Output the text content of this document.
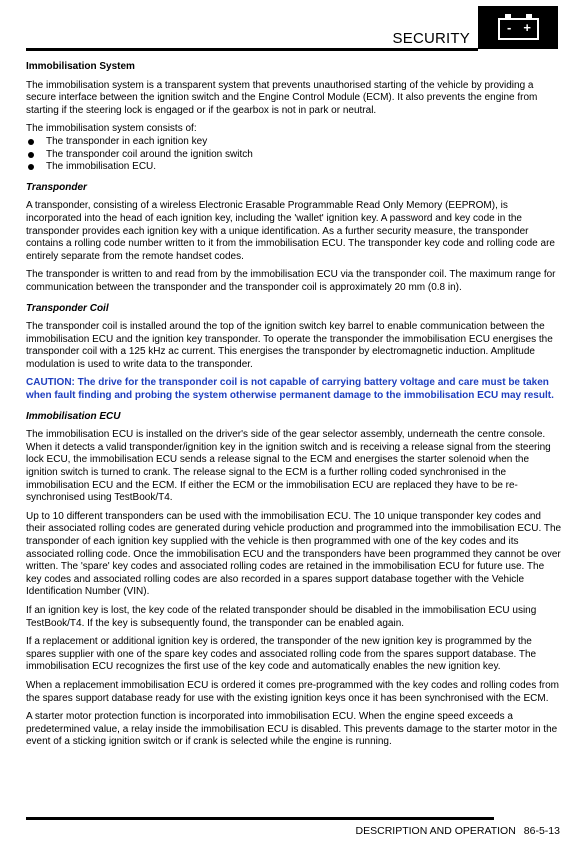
SECURITY
- +

Immobilisation System

The immobilisation system is a transparent system that prevents unauthorised starting of the vehicle by providing a secure interface between the ignition switch and the Engine Control Module (ECM). It also prevents the engine from starting if the steering lock is engaged or if the gearbox is not in park or neutral.

The immobilisation system consists of:

The transponder in each ignition key
The transponder coil around the ignition switch
The immobilisation ECU.

Transponder

A transponder, consisting of a wireless Electronic Erasable Programmable Read Only Memory (EEPROM), is incorporated into the head of each ignition key, including the 'wallet' ignition key. A password and key code in the transponder provides each ignition key with a unique identification. As a further security measure, the transponder contains a rolling code number written to it from the immobilisation ECU. The transponder key code and rolling code are entirely separate from the remote handset codes.

The transponder is written to and read from by the immobilisation ECU via the transponder coil. The maximum range for communication between the transponder and the transponder coil is approximately 20 mm (0.8 in).

Transponder Coil

The transponder coil is installed around the top of the ignition switch key barrel to enable communication between the immobilisation ECU and the ignition key transponder. To operate the transponder the immobilisation ECU energises the transponder coil with a 125 kHz ac current. This energises the transponder by electromagnetic induction. Amplitude modulation is used to write data to the transponder.

CAUTION: The drive for the transponder coil is not capable of carrying battery voltage and care must be taken when fault finding and probing the system otherwise permanent damage to the immobilisation ECU may result.

Immobilisation ECU

The immobilisation ECU is installed on the driver's side of the gear selector assembly, underneath the centre console. When it detects a valid transponder/ignition key in the ignition switch and is receiving a release signal from the steering lock ECU, the immobilisation ECU sends a release signal to the ECM and energises the starter solenoid when the ignition switch is turned to crank. The release signal to the ECM is a further rolling coded synchronised in the immobilisation ECU and the ECM. If either the ECM or the immobilisation ECU are replaced they have to be re-synchronised using TestBook/T4.

Up to 10 different transponders can be used with the immobilisation ECU. The 10 unique transponder key codes and their associated rolling codes are generated during vehicle production and programmed into the immobilisation ECU. The transponder of each ignition key supplied with the vehicle is then programmed with one of the key codes and its associated rolling code. Once the immobilisation ECU and the transponders have been programmed they cannot be over written. The 'spare' key codes and associated rolling codes are retained in the immobilisation ECU for future use. The key codes and associated rolling codes are also recorded in a spares support database together with the Vehicle Identification Number (VIN).

If an ignition key is lost, the key code of the related transponder should be disabled in the immobilisation ECU using TestBook/T4. If the key is subsequently found, the transponder can be enabled again.

If a replacement or additional ignition key is ordered, the transponder of the new ignition key is programmed by the spares supplier with one of the spare key codes and associated rolling code from the spares support database. The immobilisation ECU recognizes the first use of the key code and automatically enables the new ignition key.

When a replacement immobilisation ECU is ordered it comes pre-programmed with the key codes and rolling codes from the spares support database ready for use with the existing ignition keys once it has been synchronised with the ECM.

A starter motor protection function is incorporated into immobilisation ECU. When the engine speed exceeds a predetermined value, a relay inside the immobilisation ECU is disabled. This prevents damage to the starter motor in the event of a sticking ignition switch or if crank is selected while the engine is running.

DESCRIPTION AND OPERATION 86-5-13
